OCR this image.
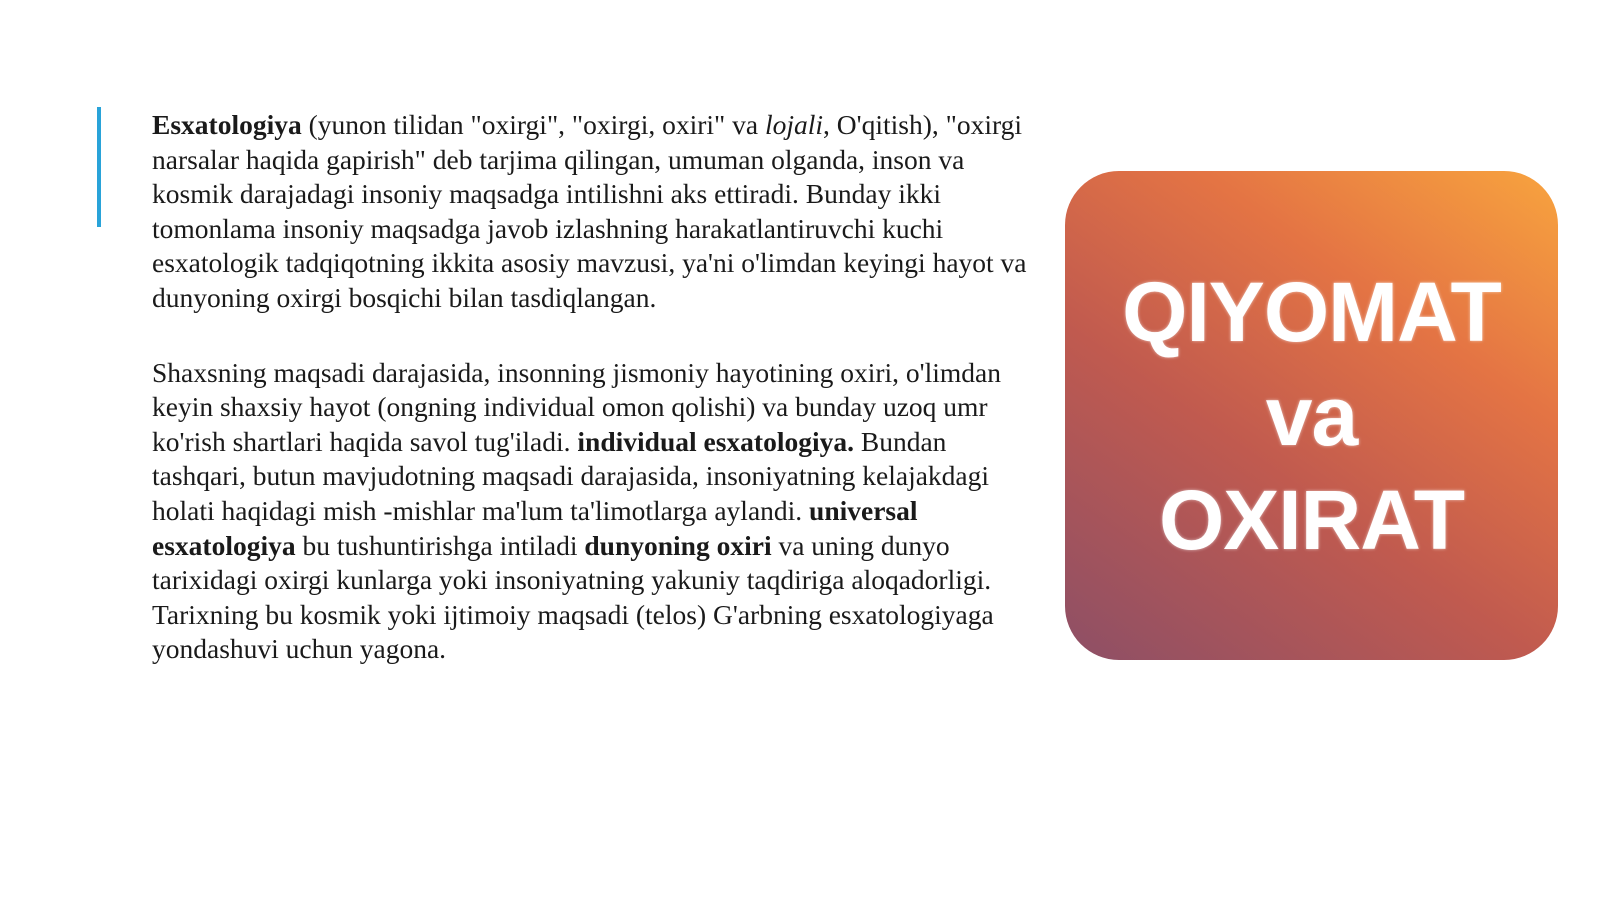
Esxatologiya (yunon tilidan "oxirgi", "oxirgi, oxiri" va lojali, O'qitish), "oxirgi narsalar haqida gapirish" deb tarjima qilingan, umuman olganda, inson va kosmik darajadagi insoniy maqsadga intilishni aks ettiradi. Bunday ikki tomonlama insoniy maqsadga javob izlashning harakatlantiruvchi kuchi esxatologik tadqiqotning ikkita asosiy mavzusi, ya'ni o'limdan keyingi hayot va dunyoning oxirgi bosqichi bilan tasdiqlangan.

Shaxsning maqsadi darajasida, insonning jismoniy hayotining oxiri, o'limdan keyin shaxsiy hayot (ongning individual omon qolishi) va bunday uzoq umr ko'rish shartlari haqida savol tug'iladi. individual esxatologiya. Bundan tashqari, butun mavjudotning maqsadi darajasida, insoniyatning kelajakdagi holati haqidagi mish -mishlar ma'lum ta'limotlarga aylandi. universal esxatologiya bu tushuntirishga intiladi dunyoning oxiri va uning dunyo tarixidagi oxirgi kunlarga yoki insoniyatning yakuniy taqdiriga aloqadorligi. Tarixning bu kosmik yoki ijtimoiy maqsadi (telos) G'arbning esxatologiyaga yondashuvi uchun yagona.

QIYOMAT
va
OXIRAT
